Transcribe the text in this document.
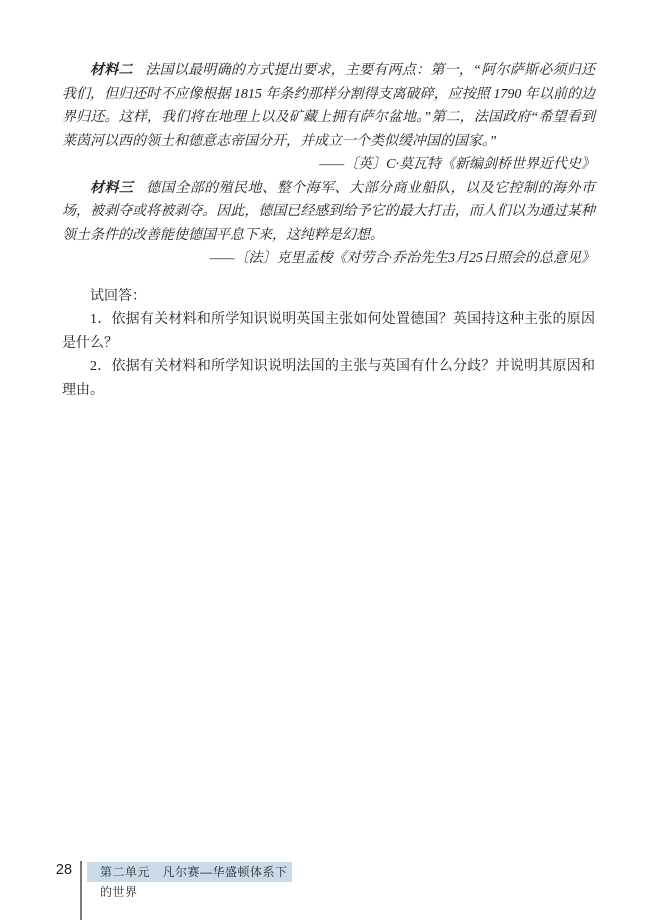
材料二 法国以最明确的方式提出要求，主要有两点：第一，“阿尔萨斯必须归还我们，但归还时不应像根据 1815 年条约那样分割得支离破碎，应按照 1790 年以前的边界归还。这样，我们将在地理上以及矿藏上拥有萨尔盆地。”第二，法国政府“希望看到莱茵河以西的领土和德意志帝国分开，并成立一个类似缓冲国的国家。”

——〔英〕C·莫瓦特《新编剑桥世界近代史》

材料三 德国全部的殖民地、整个海军、大部分商业船队，以及它控制的海外市场，被剥夺或将被剥夺。因此，德国已经感到给予它的最大打击，而人们以为通过某种领土条件的改善能使德国平息下来，这纯粹是幻想。

——〔法〕克里孟梭《对劳合·乔治先生3月25日照会的总意见》

试回答：

1．依据有关材料和所学知识说明英国主张如何处置德国？英国持这种主张的原因是什么？

2．依据有关材料和所学知识说明法国的主张与英国有什么分歧？并说明其原因和理由。

28	第二单元　凡尔赛—华盛顿体系下的世界
